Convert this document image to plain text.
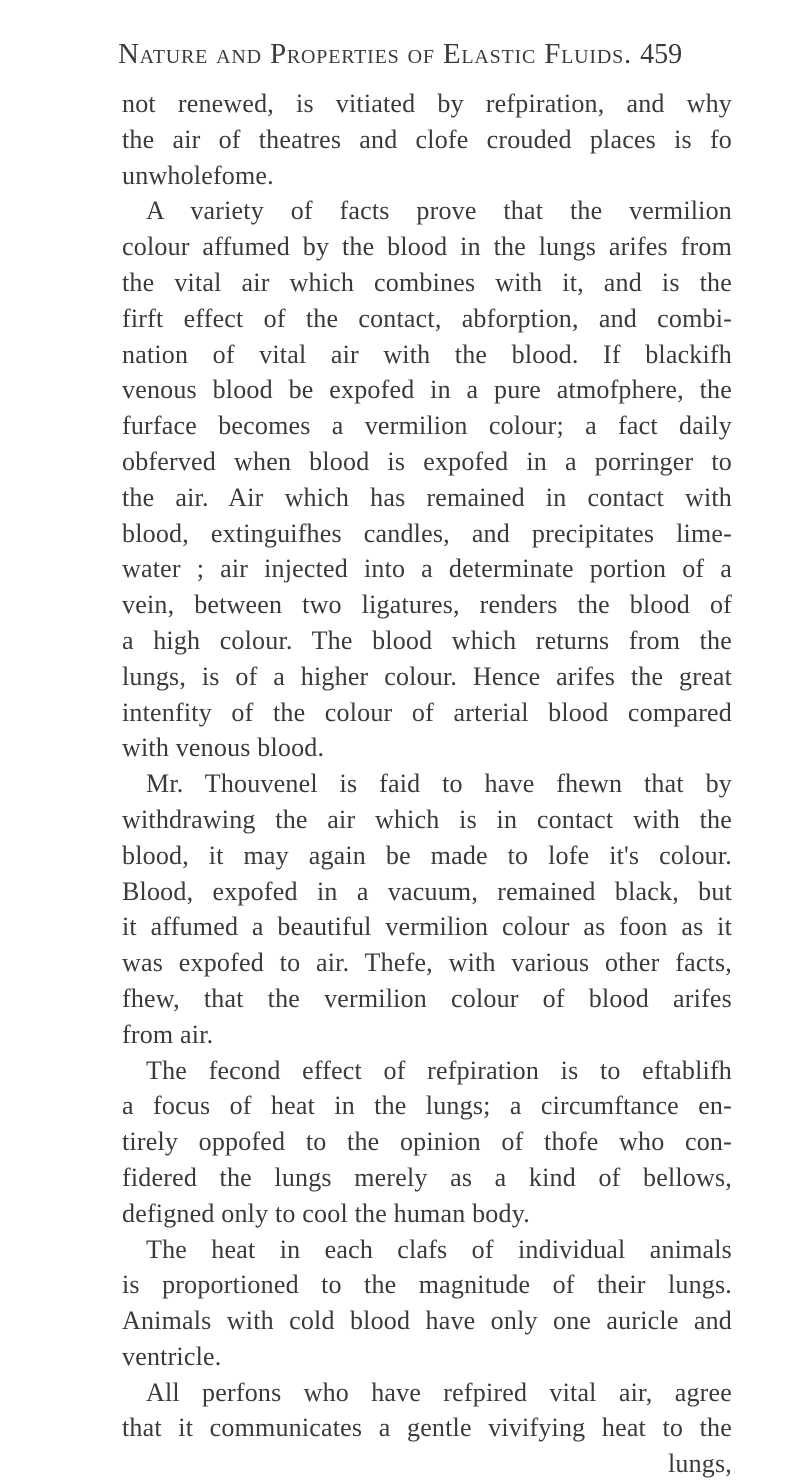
Nature and Properties of Elastic Fluids. 459
not renewed, is vitiated by refpiration, and why
the air of theatres and clofe crouded places is fo
unwholefome.
A variety of facts prove that the vermilion
colour affumed by the blood in the lungs arifes from
the vital air which combines with it, and is the
firft effect of the contact, abforption, and combi-
nation of vital air with the blood. If blackifh
venous blood be expofed in a pure atmofphere, the
furface becomes a vermilion colour; a fact daily
obferved when blood is expofed in a porringer to
the air. Air which has remained in contact with
blood, extinguifhes candles, and precipitates lime-
water ; air injected into a determinate portion of a
vein, between two ligatures, renders the blood of
a high colour. The blood which returns from the
lungs, is of a higher colour. Hence arifes the great
intenfity of the colour of arterial blood compared
with venous blood.
Mr. Thouvenel is faid to have fhewn that by
withdrawing the air which is in contact with the
blood, it may again be made to lofe it's colour.
Blood, expofed in a vacuum, remained black, but
it affumed a beautiful vermilion colour as foon as it
was expofed to air. Thefe, with various other facts,
fhew, that the vermilion colour of blood arifes
from air.
The fecond effect of refpiration is to eftablifh
a focus of heat in the lungs; a circumftance en-
tirely oppofed to the opinion of thofe who con-
fidered the lungs merely as a kind of bellows,
defigned only to cool the human body.
The heat in each clafs of individual animals
is proportioned to the magnitude of their lungs.
Animals with cold blood have only one auricle and
ventricle.
All perfons who have refpired vital air, agree
that it communicates a gentle vivifying heat to the
lungs,
